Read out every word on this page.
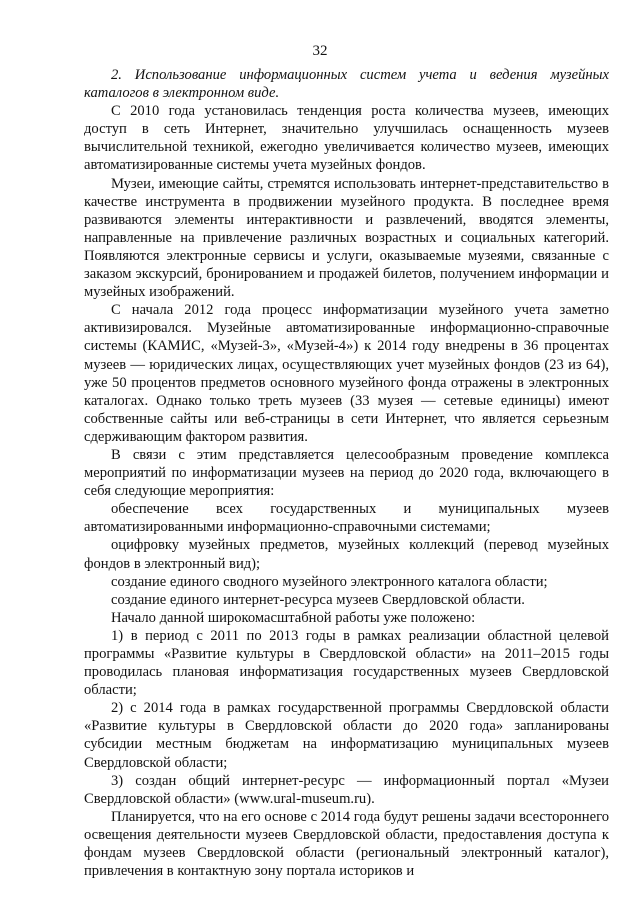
32

2. Использование информационных систем учета и ведения музейных каталогов в электронном виде.

С 2010 года установилась тенденция роста количества музеев, имеющих доступ в сеть Интернет, значительно улучшилась оснащенность музеев вычислительной техникой, ежегодно увеличивается количество музеев, имеющих автоматизированные системы учета музейных фондов.

Музеи, имеющие сайты, стремятся использовать интернет-представительство в качестве инструмента в продвижении музейного продукта. В последнее время развиваются элементы интерактивности и развлечений, вводятся элементы, направленные на привлечение различных возрастных и социальных категорий. Появляются электронные сервисы и услуги, оказываемые музеями, связанные с заказом экскурсий, бронированием и продажей билетов, получением информации и музейных изображений.

С начала 2012 года процесс информатизации музейного учета заметно активизировался. Музейные автоматизированные информационно-справочные системы (КАМИС, «Музей-3», «Музей-4») к 2014 году внедрены в 36 процентах музеев — юридических лицах, осуществляющих учет музейных фондов (23 из 64), уже 50 процентов предметов основного музейного фонда отражены в электронных каталогах. Однако только треть музеев (33 музея — сетевые единицы) имеют собственные сайты или веб-страницы в сети Интернет, что является серьезным сдерживающим фактором развития.

В связи с этим представляется целесообразным проведение комплекса мероприятий по информатизации музеев на период до 2020 года, включающего в себя следующие мероприятия:

обеспечение всех государственных и муниципальных музеев автоматизированными информационно-справочными системами;

оцифровку музейных предметов, музейных коллекций (перевод музейных фондов в электронный вид);

создание единого сводного музейного электронного каталога области;

создание единого интернет-ресурса музеев Свердловской области.

Начало данной широкомасштабной работы уже положено:

1) в период с 2011 по 2013 годы в рамках реализации областной целевой программы «Развитие культуры в Свердловской области» на 2011–2015 годы проводилась плановая информатизация государственных музеев Свердловской области;

2) с 2014 года в рамках государственной программы Свердловской области «Развитие культуры в Свердловской области до 2020 года» запланированы субсидии местным бюджетам на информатизацию муниципальных музеев Свердловской области;

3) создан общий интернет-ресурс — информационный портал «Музеи Свердловской области» (www.ural-museum.ru).

Планируется, что на его основе с 2014 года будут решены задачи всестороннего освещения деятельности музеев Свердловской области, предоставления доступа к фондам музеев Свердловской области (региональный электронный каталог), привлечения в контактную зону портала историков и
